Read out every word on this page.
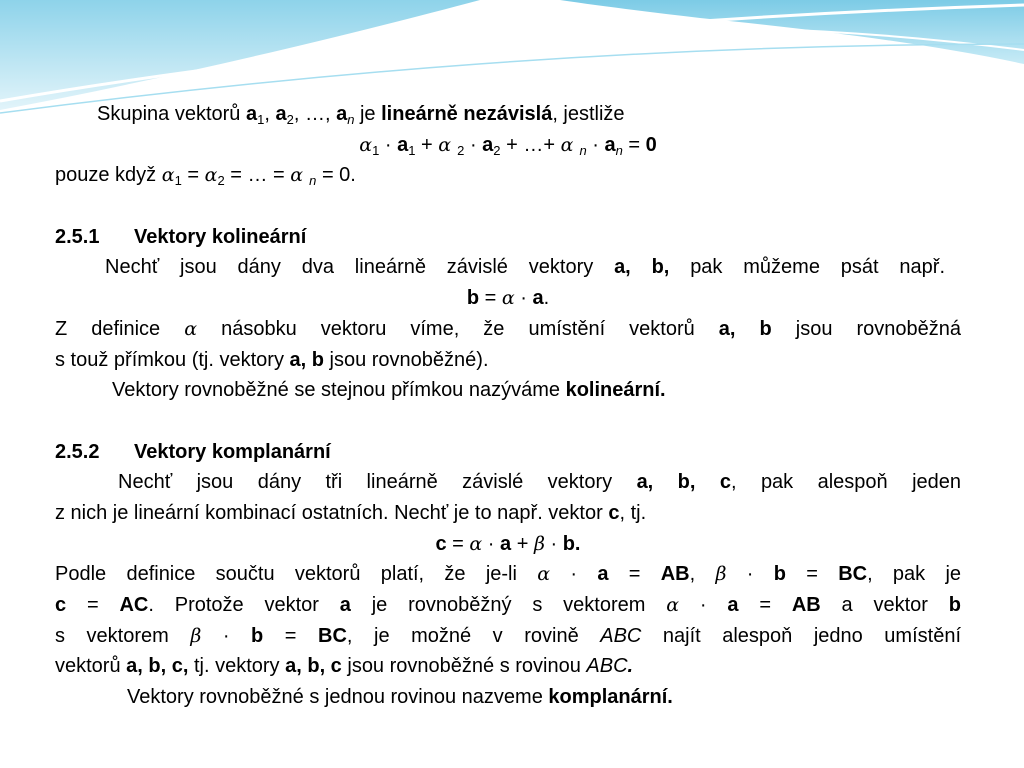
Skupina vektorů $a_1$, $a_2$, …, $a_n$ je lineárně nezávislá, jestliže
$\alpha_1 \cdot a_1 + \alpha$ $_2 \cdot a_2$ + …+ α $_n \cdot a_n = 0$
pouze když $\alpha_1 = \alpha_2$ = … = α $_n$ = 0.
2.5.1 Vektory kolineární
Nechť jsou dány dva lineárně závislé vektory a, b, pak můžeme psát např.
b = α · a.
Z definice α násobku vektoru víme, že umístění vektorů a, b jsou rovnoběžná
s touž přímkou (tj. vektory a, b jsou rovnoběžné).
Vektory rovnoběžné se stejnou přímkou nazýváme kolineární.
2.5.2 Vektory komplanární
Nechť jsou dány tři lineárně závislé vektory a, b, c, pak alespoň jeden
z nich je lineární kombinací ostatních. Nechť je to např. vektor c, tj.
c = α · a + β · b.
Podle definice součtu vektorů platí, že je-li α · a = AB, β · b = BC, pak je
c = AC. Protože vektor a je rovnoběžný s vektorem α · a = AB a vektor b
s vektorem β · b = BC, je možné v rovině ABC najít alespoň jedno umístění
vektorů a, b, c, tj. vektory a, b, c jsou rovnoběžné s rovinou ABC.
Vektory rovnoběžné s jednou rovinou nazveme komplanární.
